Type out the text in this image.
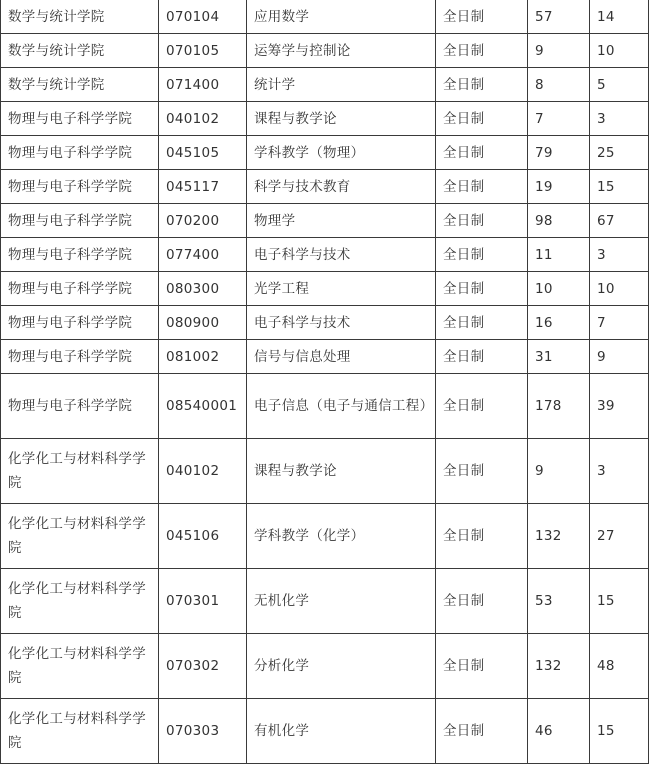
数学与统计学院	070104	应用数学	全日制	57	14
数学与统计学院	070105	运筹学与控制论	全日制	9	10
数学与统计学院	071400	统计学	全日制	8	5
物理与电子科学学院	040102	课程与教学论	全日制	7	3
物理与电子科学学院	045105	学科教学（物理）	全日制	79	25
物理与电子科学学院	045117	科学与技术教育	全日制	19	15
物理与电子科学学院	070200	物理学	全日制	98	67
物理与电子科学学院	077400	电子科学与技术	全日制	11	3
物理与电子科学学院	080300	光学工程	全日制	10	10
物理与电子科学学院	080900	电子科学与技术	全日制	16	7
物理与电子科学学院	081002	信号与信息处理	全日制	31	9
物理与电子科学学院	08540001	电子信息（电子与通信工程）	全日制	178	39
化学化工与材料科学学院	040102	课程与教学论	全日制	9	3
化学化工与材料科学学院	045106	学科教学（化学）	全日制	132	27
化学化工与材料科学学院	070301	无机化学	全日制	53	15
化学化工与材料科学学院	070302	分析化学	全日制	132	48
化学化工与材料科学学院	070303	有机化学	全日制	46	15
